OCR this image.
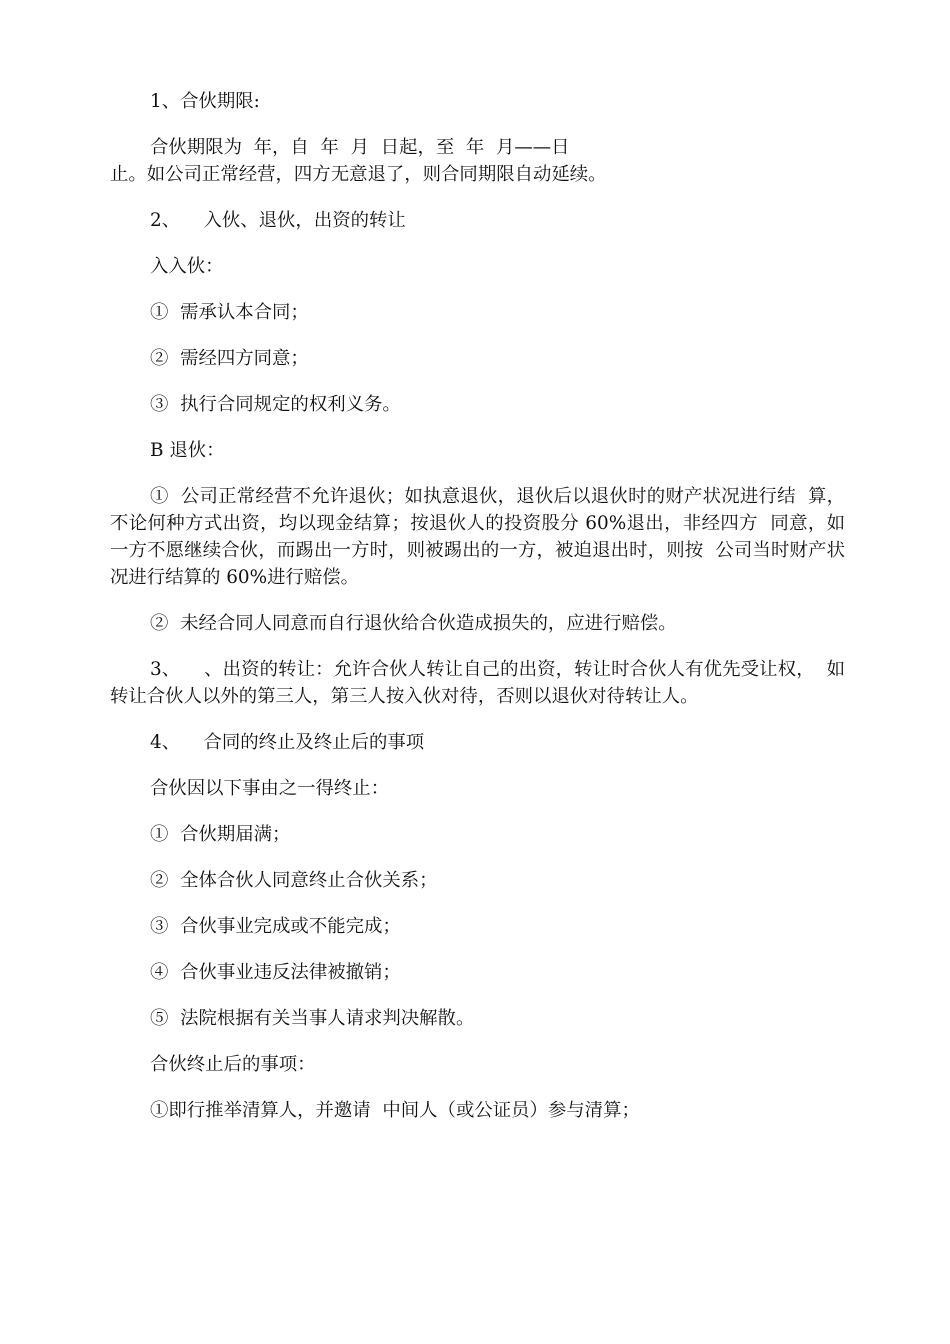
1、合伙期限:

合伙期限为  年，自  年  月  日起，至  年  月——日
止。如公司正常经营，四方无意退了，则合同期限自动延续。

2、    入伙、退伙，出资的转让

入入伙：

①  需承认本合同；

②  需经四方同意；

③  执行合同规定的权利义务。

B 退伙：

①  公司正常经营不允许退伙；如执意退伙，退伙后以退伙时的财产状况进行结  算，不论何种方式出资，均以现金结算；按退伙人的投资股分 60%退出，非经四方  同意，如一方不愿继续合伙，而踢出一方时，则被踢出的一方，被迫退出时，则按  公司当时财产状况进行结算的 60%进行赔偿。

②  未经合同人同意而自行退伙给合伙造成损失的，应进行赔偿。

3、    、出资的转让：允许合伙人转让自己的出资，转让时合伙人有优先受让权，  如转让合伙人以外的第三人，第三人按入伙对待，否则以退伙对待转让人。

4、    合同的终止及终止后的事项

合伙因以下事由之一得终止：

①  合伙期届满；

②  全体合伙人同意终止合伙关系；

③  合伙事业完成或不能完成；

④  合伙事业违反法律被撤销；

⑤  法院根据有关当事人请求判决解散。

合伙终止后的事项：

①即行推举清算人，并邀请  中间人（或公证员）参与清算；
